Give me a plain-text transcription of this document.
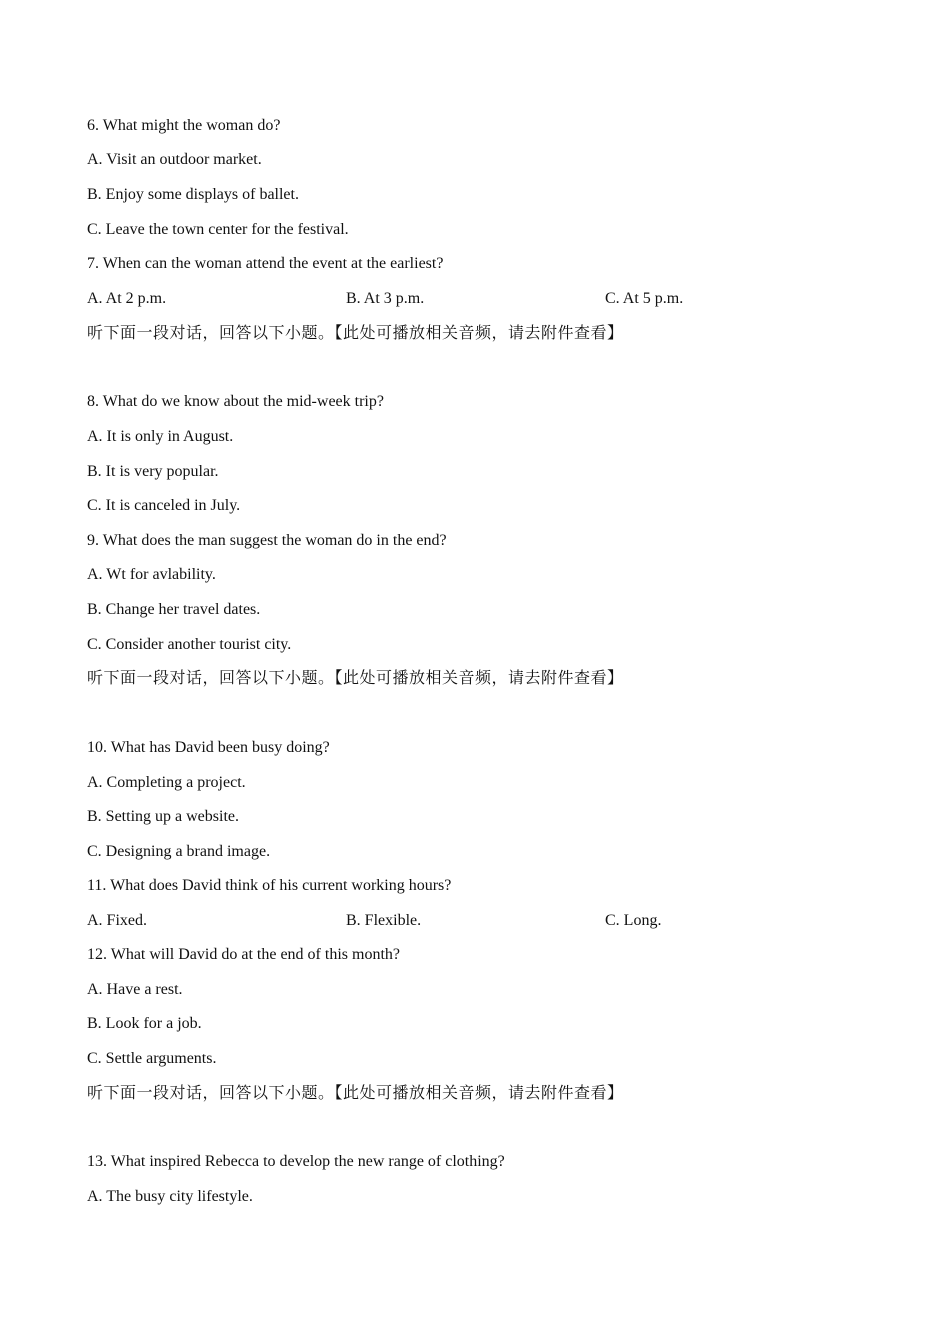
6. What might the woman do?
A. Visit an outdoor market.
B. Enjoy some displays of ballet.
C. Leave the town center for the festival.
7. When can the woman attend the event at the earliest?
A. At 2 p.m.	B. At 3 p.m.	C. At 5 p.m.
听下面一段对话，回答以下小题。【此处可播放相关音频，请去附件查看】
8. What do we know about the mid-week trip?
A. It is only in August.
B. It is very popular.
C. It is canceled in July.
9. What does the man suggest the woman do in the end?
A. Wt for avlability.
B. Change her travel dates.
C. Consider another tourist city.
听下面一段对话，回答以下小题。【此处可播放相关音频，请去附件查看】
10. What has David been busy doing?
A. Completing a project.
B. Setting up a website.
C. Designing a brand image.
11. What does David think of his current working hours?
A. Fixed.	B. Flexible.	C. Long.
12. What will David do at the end of this month?
A. Have a rest.
B. Look for a job.
C. Settle arguments.
听下面一段对话，回答以下小题。【此处可播放相关音频，请去附件查看】
13. What inspired Rebecca to develop the new range of clothing?
A. The busy city lifestyle.
